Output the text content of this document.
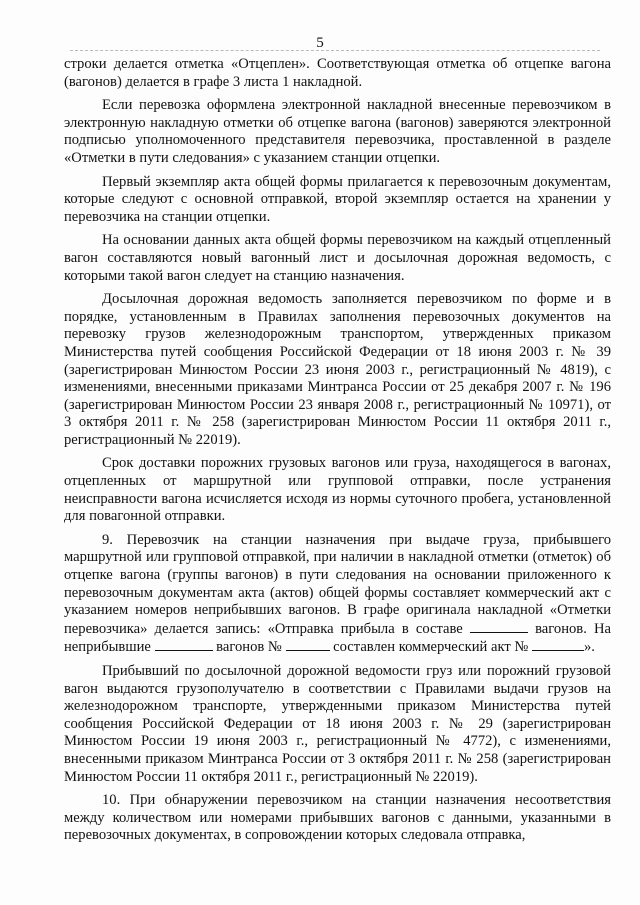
5

строки делается отметка «Отцеплен». Соответствующая отметка об отцепке вагона (вагонов) делается в графе 3 листа 1 накладной.

Если перевозка оформлена электронной накладной внесенные перевозчиком в электронную накладную отметки об отцепке вагона (вагонов) заверяются электронной подписью уполномоченного представителя перевозчика, проставленной в разделе «Отметки в пути следования» с указанием станции отцепки.

Первый экземпляр акта общей формы прилагается к перевозочным документам, которые следуют с основной отправкой, второй экземпляр остается на хранении у перевозчика на станции отцепки.

На основании данных акта общей формы перевозчиком на каждый отцепленный вагон составляются новый вагонный лист и досылочная дорожная ведомость, с которыми такой вагон следует на станцию назначения.

Досылочная дорожная ведомость заполняется перевозчиком по форме и в порядке, установленным в Правилах заполнения перевозочных документов на перевозку грузов железнодорожным транспортом, утвержденных приказом Министерства путей сообщения Российской Федерации от 18 июня 2003 г. № 39 (зарегистрирован Минюстом России 23 июня 2003 г., регистрационный № 4819), с изменениями, внесенными приказами Минтранса России от 25 декабря 2007 г. № 196 (зарегистрирован Минюстом России 23 января 2008 г., регистрационный № 10971), от 3 октября 2011 г. № 258 (зарегистрирован Минюстом России 11 октября 2011 г., регистрационный № 22019).

Срок доставки порожних грузовых вагонов или груза, находящегося в вагонах, отцепленных от маршрутной или групповой отправки, после устранения неисправности вагона исчисляется исходя из нормы суточного пробега, установленной для повагонной отправки.

9. Перевозчик на станции назначения при выдаче груза, прибывшего маршрутной или групповой отправкой, при наличии в накладной отметки (отметок) об отцепке вагона (группы вагонов) в пути следования на основании приложенного к перевозочным документам акта (актов) общей формы составляет коммерческий акт с указанием номеров неприбывших вагонов. В графе оригинала накладной «Отметки перевозчика» делается запись: «Отправка прибыла в составе	вагонов. На неприбывшие	вагонов №	составлен коммерческий акт №	».

Прибывший по досылочной дорожной ведомости груз или порожний грузовой вагон выдаются грузополучателю в соответствии с Правилами выдачи грузов на железнодорожном транспорте, утвержденными приказом Министерства путей сообщения Российской Федерации от 18 июня 2003 г. № 29 (зарегистрирован Минюстом России 19 июня 2003 г., регистрационный № 4772), с изменениями, внесенными приказом Минтранса России от 3 октября 2011 г. № 258 (зарегистрирован Минюстом России 11 октября 2011 г., регистрационный № 22019).

10. При обнаружении перевозчиком на станции назначения несоответствия между количеством или номерами прибывших вагонов с данными, указанными в перевозочных документах, в сопровождении которых следовала отправка,
